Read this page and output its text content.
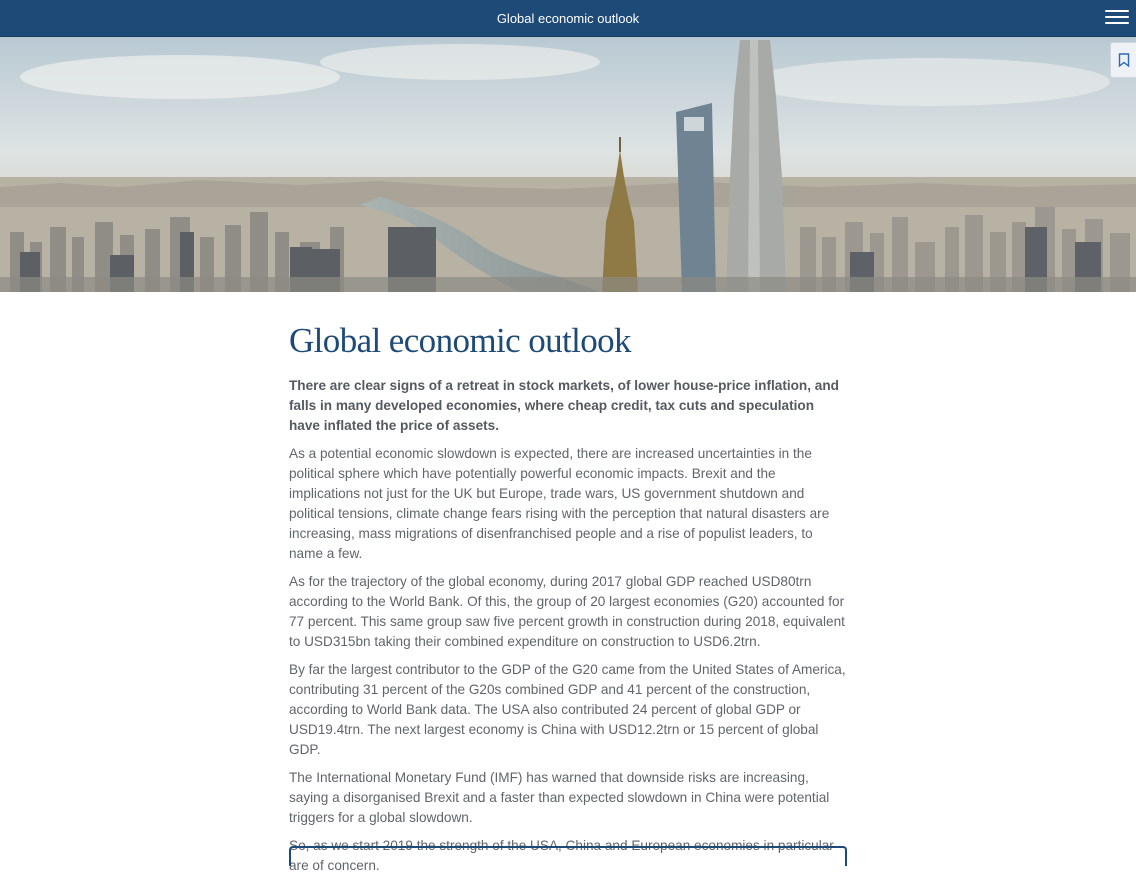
Global economic outlook
Global economic outlook

There are clear signs of a retreat in stock markets, of lower house-price inflation, and falls in many developed economies, where cheap credit, tax cuts and speculation have inflated the price of assets.

As a potential economic slowdown is expected, there are increased uncertainties in the political sphere which have potentially powerful economic impacts. Brexit and the implications not just for the UK but Europe, trade wars, US government shutdown and political tensions, climate change fears rising with the perception that natural disasters are increasing, mass migrations of disenfranchised people and a rise of populist leaders, to name a few.

As for the trajectory of the global economy, during 2017 global GDP reached USD80trn according to the World Bank. Of this, the group of 20 largest economies (G20) accounted for 77 percent. This same group saw five percent growth in construction during 2018, equivalent to USD315bn taking their combined expenditure on construction to USD6.2trn.

By far the largest contributor to the GDP of the G20 came from the United States of America, contributing 31 percent of the G20s combined GDP and 41 percent of the construction, according to World Bank data. The USA also contributed 24 percent of global GDP or USD19.4trn. The next largest economy is China with USD12.2trn or 15 percent of global GDP.

The International Monetary Fund (IMF) has warned that downside risks are increasing, saying a disorganised Brexit and a faster than expected slowdown in China were potential triggers for a global slowdown.

So, as we start 2019 the strength of the USA, China and European economies in particular are of concern.
